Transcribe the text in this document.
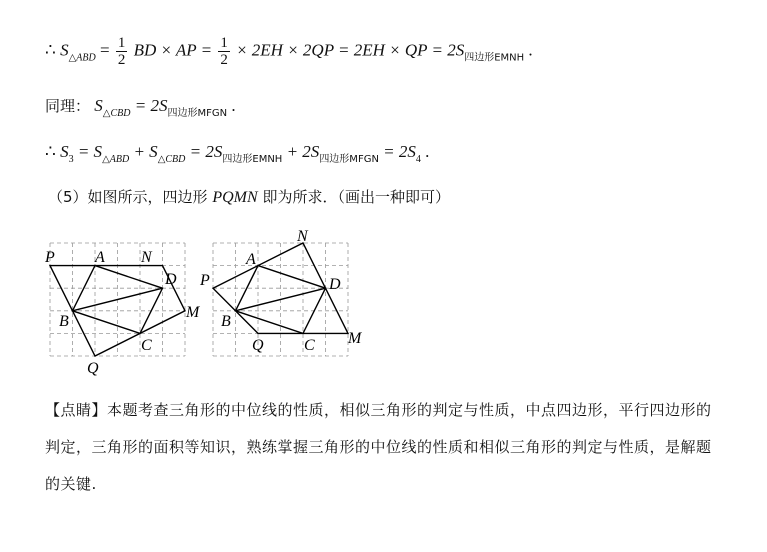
∴ $S_{\triangle ABD} = \frac{1}{2}$ BD × AP = $\frac{1}{2} \times 2EH \times 2QP = 2EH$ × QP = $2S_{四边形EMNH}$ .
同理： $S_{\triangle CBD} = 2S_{四边形MFGN}$ .
∴ $S_3 = S_{\triangle ABD} + S_{\triangle CBD} = 2S_{四边形EMNH} + 2S_{四边形MFGN} = 2S_4$ .
（5）如图所示，四边形 PQMN 即为所求．（画出一种即可）
P	A N
D
M
B
C
Q
N
A
P	D
B
Q	C M
【点睛】本题考查三角形的中位线的性质，相似三角形的判定与性质，中点四边形，平行四边形的判定，三角形的面积等知识，熟练掌握三角形的中位线的性质和相似三角形的判定与性质，是解题的关键.
